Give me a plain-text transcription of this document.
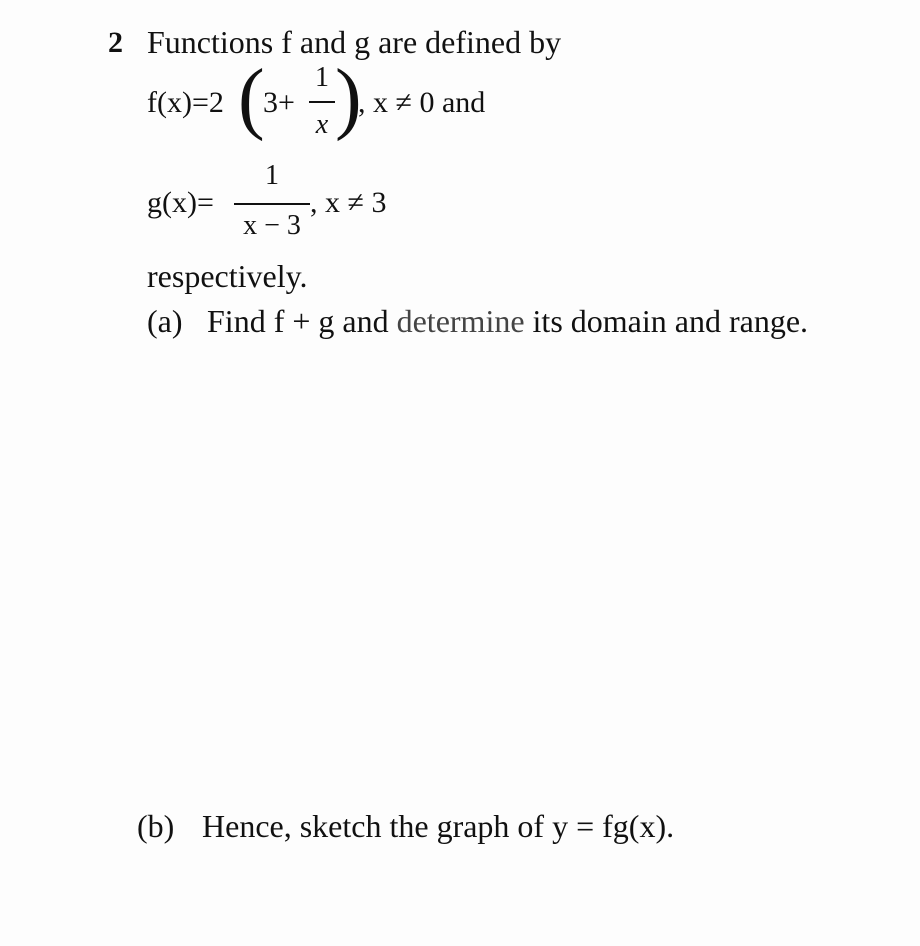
2 Functions f and g are defined by
f(x)=2 (
3+
1
x )
, x ≠ 0 and
g(x)=
1
x − 3
, x ≠ 3
respectively.
(a) Find f + g and determine its domain and range.
(b) Hence, sketch the graph of y = fg(x).
